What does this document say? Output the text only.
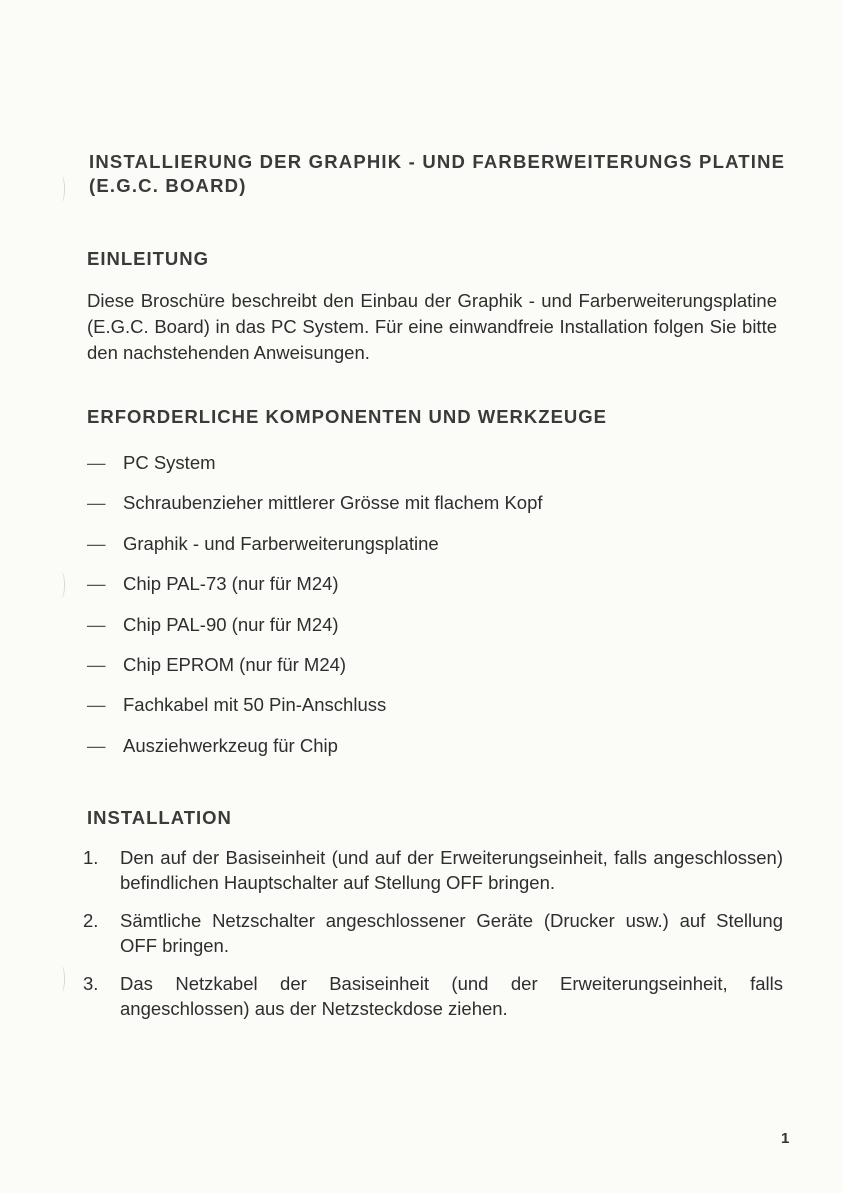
INSTALLIERUNG DER GRAPHIK - UND FARBERWEITERUNGS PLATINE (E.G.C. BOARD)
EINLEITUNG
Diese Broschüre beschreibt den Einbau der Graphik - und Farberweiterungsplatine (E.G.C. Board) in das PC System. Für eine einwandfreie Installation folgen Sie bitte den nachstehenden Anweisungen.
ERFORDERLICHE KOMPONENTEN UND WERKZEUGE
— PC System
— Schraubenzieher mittlerer Grösse mit flachem Kopf
— Graphik - und Farberweiterungsplatine
— Chip PAL-73 (nur für M24)
— Chip PAL-90 (nur für M24)
— Chip EPROM (nur für M24)
— Fachkabel mit 50 Pin-Anschluss
— Ausziehwerkzeug für Chip
INSTALLATION
1.	Den auf der Basiseinheit (und auf der Erweiterungseinheit, falls angeschlossen) befindlichen Hauptschalter auf Stellung OFF bringen.
2.	Sämtliche Netzschalter angeschlossener Geräte (Drucker usw.) auf Stellung OFF bringen.
3.	Das Netzkabel der Basiseinheit (und der Erweiterungseinheit, falls angeschlossen) aus der Netzsteckdose ziehen.
1
